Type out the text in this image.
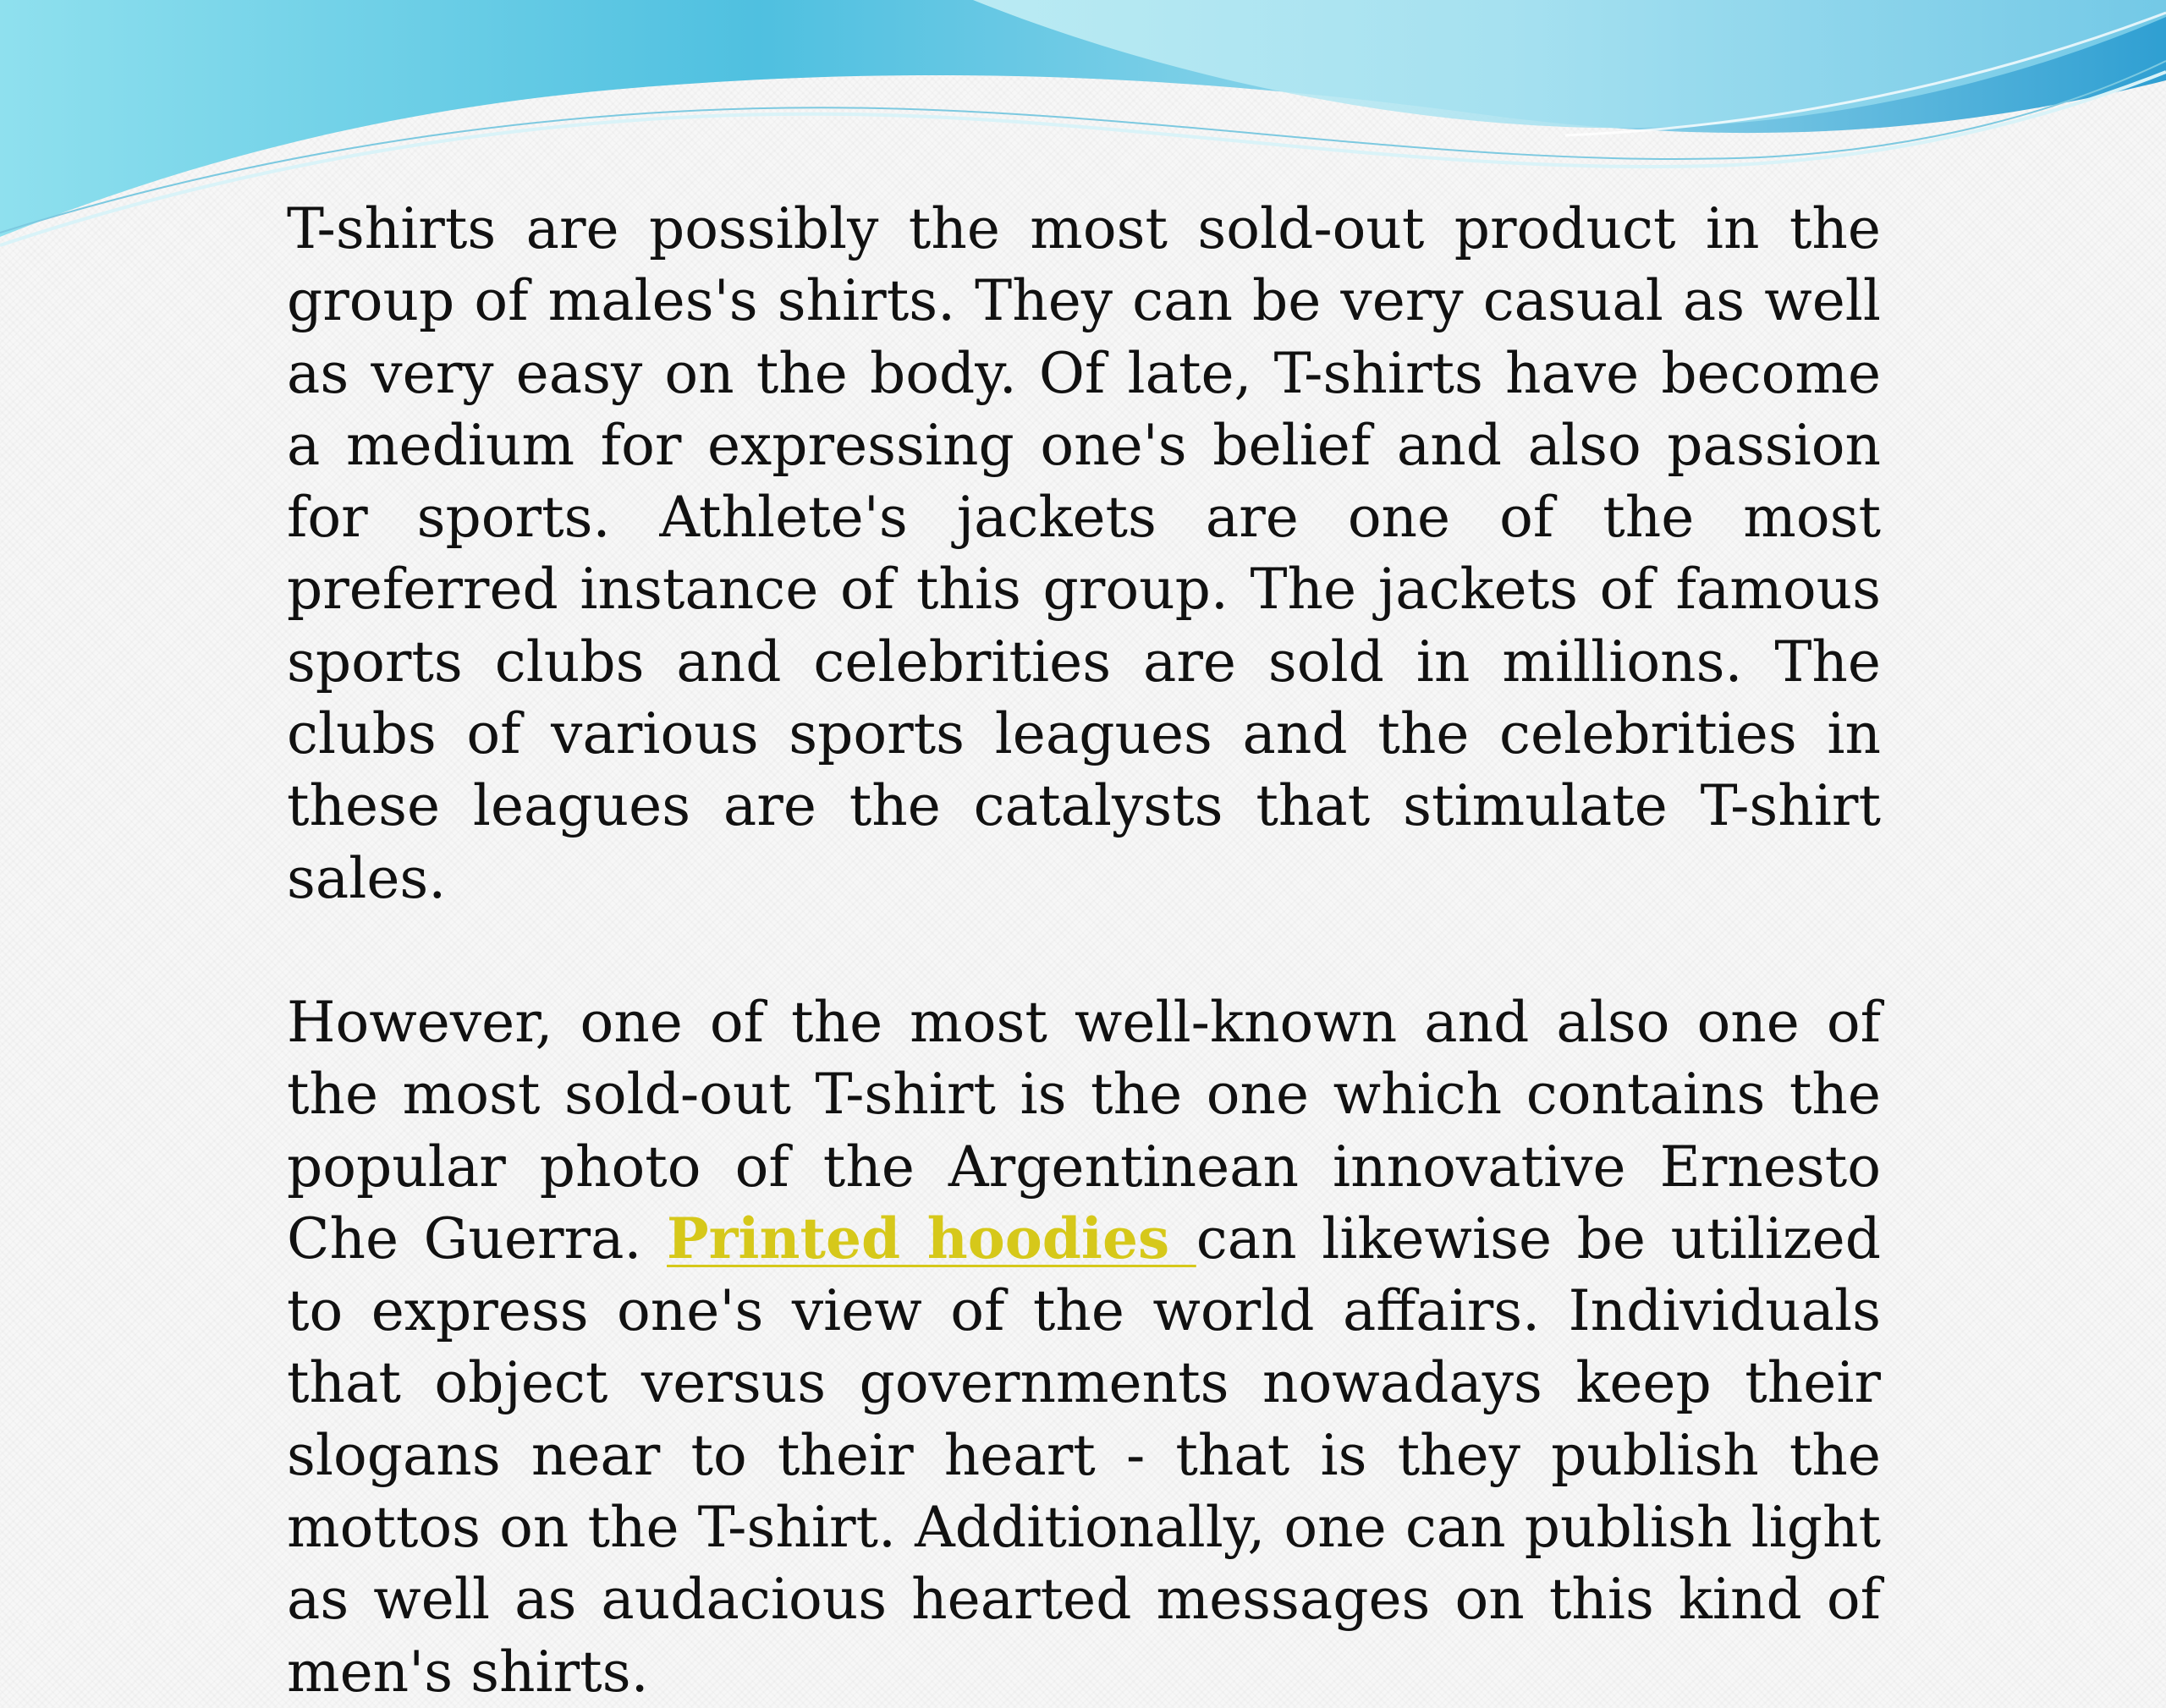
T-shirts are possibly the most sold-out product in the group of males's shirts. They can be very casual as well as very easy on the body. Of late, T-shirts have become a medium for expressing one's belief and also passion for sports. Athlete's jackets are one of the most preferred instance of this group. The jackets of famous sports clubs and celebrities are sold in millions. The clubs of various sports leagues and the celebrities in these leagues are the catalysts that stimulate T-shirt sales.

However, one of the most well-known and also one of the most sold-out T-shirt is the one which contains the popular photo of the Argentinean innovative Ernesto Che Guerra. Printed hoodies can likewise be utilized to express one's view of the world affairs. Individuals that object versus governments nowadays keep their slogans near to their heart - that is they publish the mottos on the T-shirt. Additionally, one can publish light as well as audacious hearted messages on this kind of men's shirts.
